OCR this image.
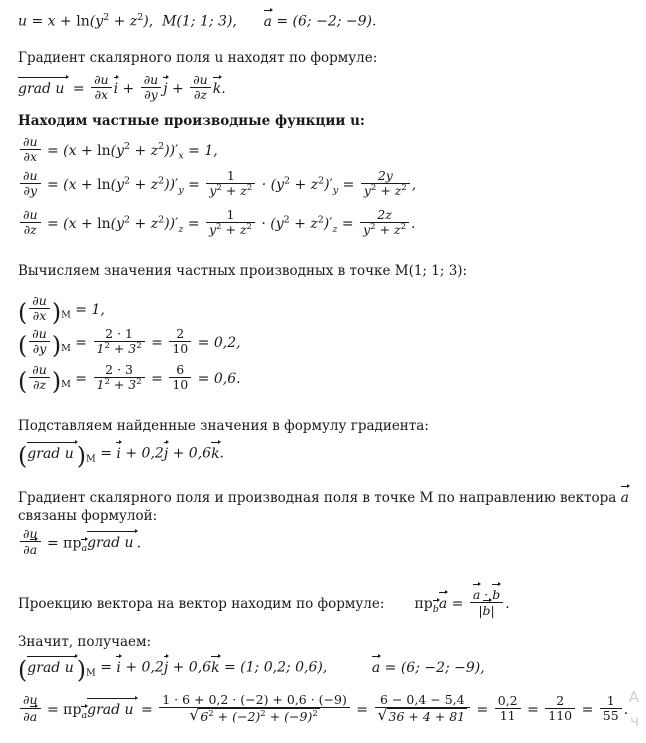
$u = x + \ln(y^2 + z^2)$,  M(1; 1; 3),      a = (6; −2; −9).
Градиент скалярного поля u находят по формуле:
grad $u = \frac{\partial u}{\partial x}$ $i + \frac{\partial u}{\partial y}$ $j + \frac{\partial u}{\partial z} k$.
Находим частные производные функции u:
$\frac{\partial u}{\partial x} = (x + \ln(y^2 + z^2))'_x = 1$,
$\frac{\partial u}{\partial y} = (x + \ln(y^2 + z^2))'_y = \frac{1}{y^2 + z^2} \cdot (y^2 + z^2)'_y = \frac{2y}{y^2 + z^2}$ ,
$\frac{\partial u}{\partial z} = (x + \ln(y^2 + z^2))'_z = \frac{1}{y^2 + z^2} \cdot (y^2 + z^2)'_z = \frac{2z}{y^2 + z^2}$ .
Вычисляем значения частных производных в точке M(1; 1; 3):
( $\frac{\partial u}{\partial x} )_M = 1$,
( $\frac{\partial u}{\partial y} )_M = \frac{2 \cdot 1}{1^2 + 3^2} = \frac{2}{10} = 0,2$,
( $\frac{\partial u}{\partial z} )_M = \frac{2 \cdot 3}{1^2 + 3^2} = \frac{6}{10} = 0,6$.
Подставляем найденные значения в формулу градиента:
(grad u )$_M = i + 0,2j + 0,6k$.
Градиент скалярного поля и производная поля в точке М по направлению вектора a
связаны формулой:
$\frac{\partial u}{\partial a}$ = $пр_agrad$ u .
Проекцию вектора на вектор находим по формуле: $пр_ba = \frac{a \cdot b}{|b|}$ .
Значит, получаем:
(grad u )$_M = i + 0,2j + 0,6k = (1$; 0,2; 0,6),          a = (6; −2; −9),
$\frac{\partial u}{\partial a}$ = $пр_agrad$ $u = \frac{1 \cdot 6 + 0,2 \cdot (-2) + 0,6 \cdot (-9)}{√ 6^2 + (-2)^2 + (-9)^2} = \frac{6 - 0,4 - 5,4}{√ 36 + 4 + 81} = \frac{0,2}{11} = \frac{2}{110} = \frac{1}{55}$ .
A
ч
